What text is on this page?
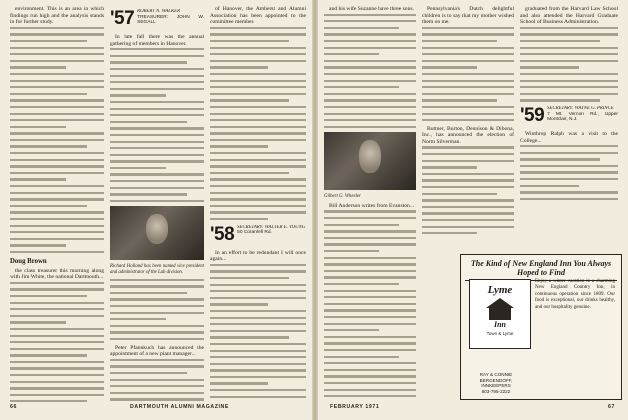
environment. This is an area in which findings run high and the analysis stands in for further study.

Doug Brown

the class treasurer this morning along with Jim White, the national Dartmouth...

'57 ROBERT N. WALKER
TREASURER: JOHN W. SEGALL

In late fall there was the annual gathering of members in Hanover.

Richard Holland has been named vice president and administrator of the Lab division.

Peter Pfannkuch has announced the appointment of a new plant manager...

of Hanover, the Amherst and Alumni Association has been appointed to the committee member.

'58 SECRETARY: WALTER E. YOUNG
50 Coranfell Rd.

In an effort to be redundant I will once again...

66	DARTMOUTH ALUMNI MAGAZINE

and his wife Suzanne have three sons.

Gilbert G. Wheeler

Bill Anderson writes from Evanston...

Pennsylvania's Dutch delightful children is to say that my mother wished them on me.

Buttner, Burton, Dennison & Dibona, Inc., has announced the election of Norm Silverman.

graduated from the Harvard Law School and also attended the Harvard Graduate School of Business Administration.

'59 SECRETARY: WAYNE G. PRINCE
7 Mt. Vernon Rd., Upper Montclair, N.J.

Winthrop Ralph was a visit to the College...

The Kind of New England Inn You Always Hoped to Find
Lyme
Inn
Town & Lyme
Enjoy a winter vacation in a charming New England Country Inn, in continuous operation since 1809. Our food is exceptional, our drinks healthy, and our hospitality genuine.
RAY & CONNIE BERGENDOFF, INNKEEPERS
603-795-2222
FEBRUARY 1971	67
